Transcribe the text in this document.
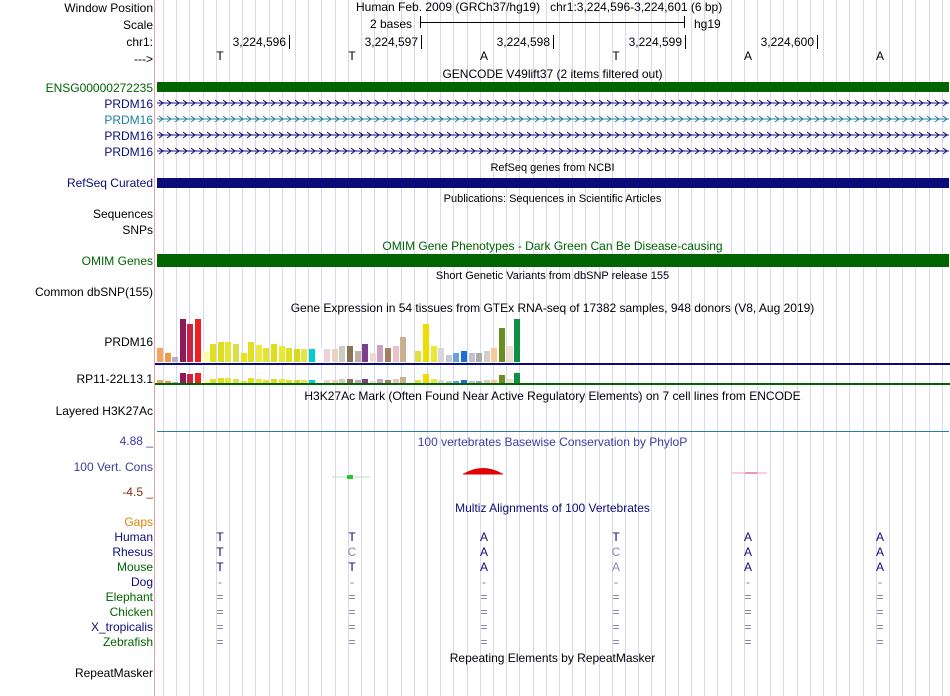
Window Position
Scale
chr1:
--->
Human Feb. 2009 (GRCh37/hg19)   chr1:3,224,596-3,224,601 (6 bp)
2 bases	hg19
3,224,596	3,224,597	3,224,598	3,224,599	3,224,600
T	T	A	T	A	A
GENCODE V49lift37 (2 items filtered out)
ENSG00000272235
PRDM16
PRDM16
PRDM16
PRDM16
RefSeq genes from NCBI
RefSeq Curated
Publications: Sequences in Scientific Articles
Sequences
SNPs
OMIM Gene Phenotypes - Dark Green Can Be Disease-causing
OMIM Genes
Short Genetic Variants from dbSNP release 155
Common dbSNP(155)
Gene Expression in 54 tissues from GTEx RNA-seq of 17382 samples, 948 donors (V8, Aug 2019)
PRDM16
RP11-22L13.1
H3K27Ac Mark (Often Found Near Active Regulatory Elements) on 7 cell lines from ENCODE
Layered H3K27Ac
4.88 _	100 vertebrates Basewise Conservation by PhyloP
100 Vert. Cons
-4.5 _
Multiz Alignments of 100 Vertebrates
Gaps
Human	T	T	A	T	A	A
Rhesus	T	C	A	C	A	A
Mouse	T	T	A	A	A	A
Dog	-	-	-	-	-	-
Elephant	=	=	=	=	=	=
Chicken	=	=	=	=	=	=
X_tropicalis	=	=	=	=	=	=
Zebrafish	=	=	=	=	=	=
Repeating Elements by RepeatMasker
RepeatMasker
